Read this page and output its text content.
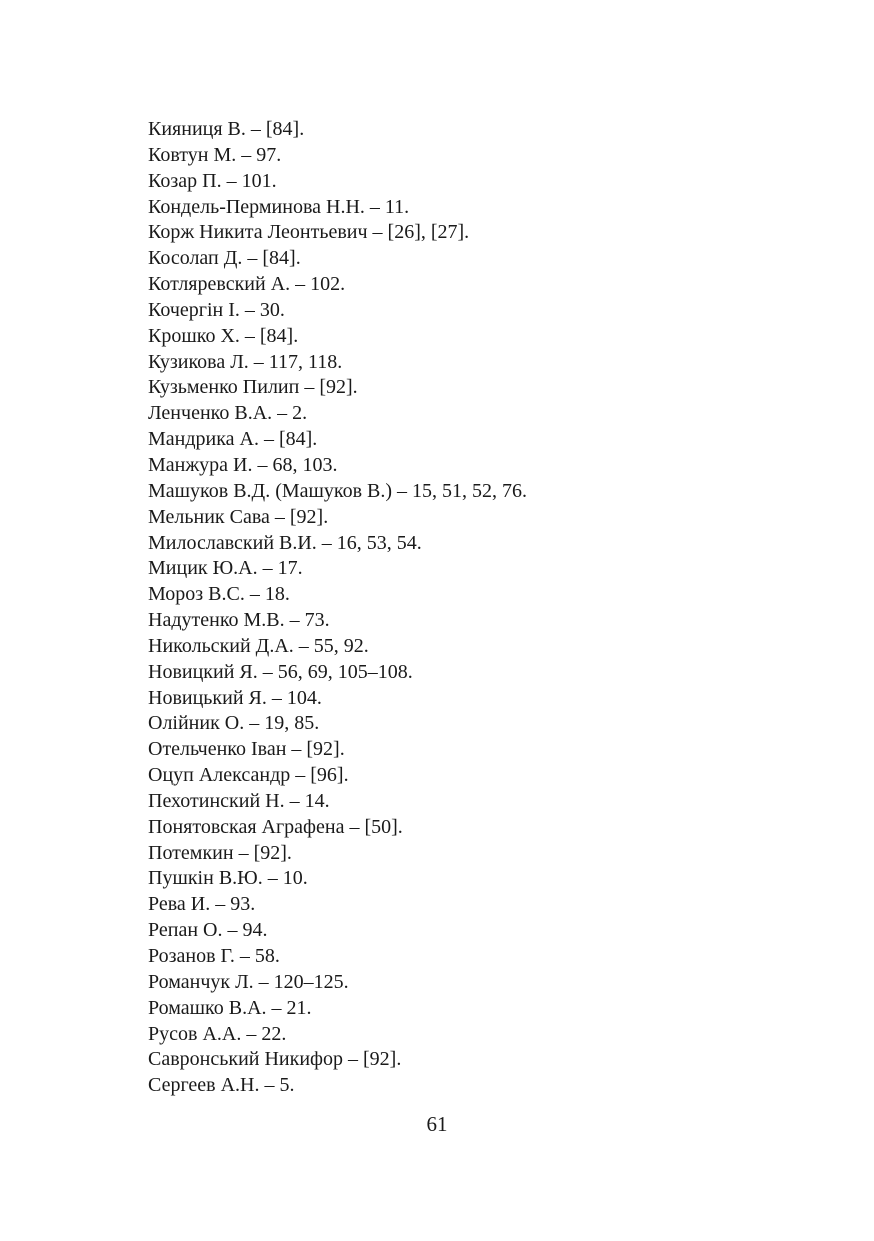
Кияниця В. – [84].
Ковтун М. – 97.
Козар П. – 101.
Кондель-Перминова Н.Н. – 11.
Корж Никита Леонтьевич – [26], [27].
Косолап Д. – [84].
Котляревский А. – 102.
Кочергін І. – 30.
Крошко Х. – [84].
Кузикова Л. – 117, 118.
Кузьменко Пилип – [92].
Ленченко В.А. – 2.
Мандрика А. – [84].
Манжура И. – 68, 103.
Машуков В.Д. (Машуков В.) – 15, 51, 52, 76.
Мельник Сава – [92].
Милославский В.И. – 16, 53, 54.
Мицик Ю.А. – 17.
Мороз В.С. – 18.
Надутенко М.В. – 73.
Никольский Д.А. – 55, 92.
Новицкий Я. – 56, 69, 105–108.
Новицький Я. – 104.
Олійник О. – 19, 85.
Отельченко Іван – [92].
Оцуп Александр – [96].
Пехотинский Н. – 14.
Понятовская Аграфена – [50].
Потемкин – [92].
Пушкін В.Ю. – 10.
Рева И. – 93.
Репан О. – 94.
Розанов Г. – 58.
Романчук Л. – 120–125.
Ромашко В.А. – 21.
Русов А.А. – 22.
Савронський Никифор – [92].
Сергеев А.Н. – 5.
61
